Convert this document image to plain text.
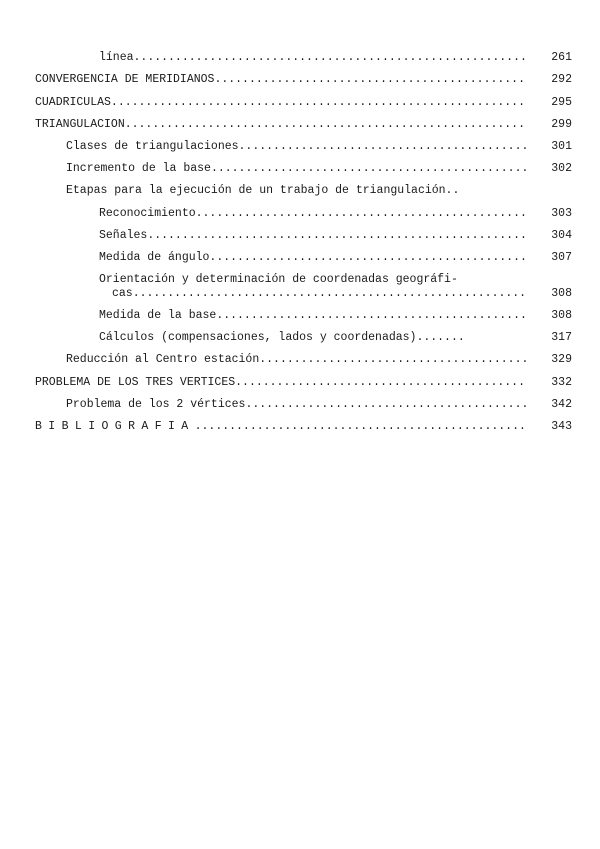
línea .....	261
CONVERGENCIA DE MERIDIANOS .....	292
CUADRICULAS .....	295
TRIANGULACION .....	299
Clases de triangulaciones .....	301
Incremento de la base .....	302
Etapas para la ejecución de un trabajo de triangulación..
Reconocimiento .....	303
Señales .....	304
Medida de ángulo .....	307
Orientación y determinación de coordenadas geográfi-
cas .....	308
Medida de la base .....	308
Cálculos (compensaciones, lados y coordenadas).......	317
Reducción al Centro estación .....	329
PROBLEMA DE LOS TRES VERTICES .....	332
Problema de los 2 vértices .....	342
BIBLIOGRAFIA .....	343
